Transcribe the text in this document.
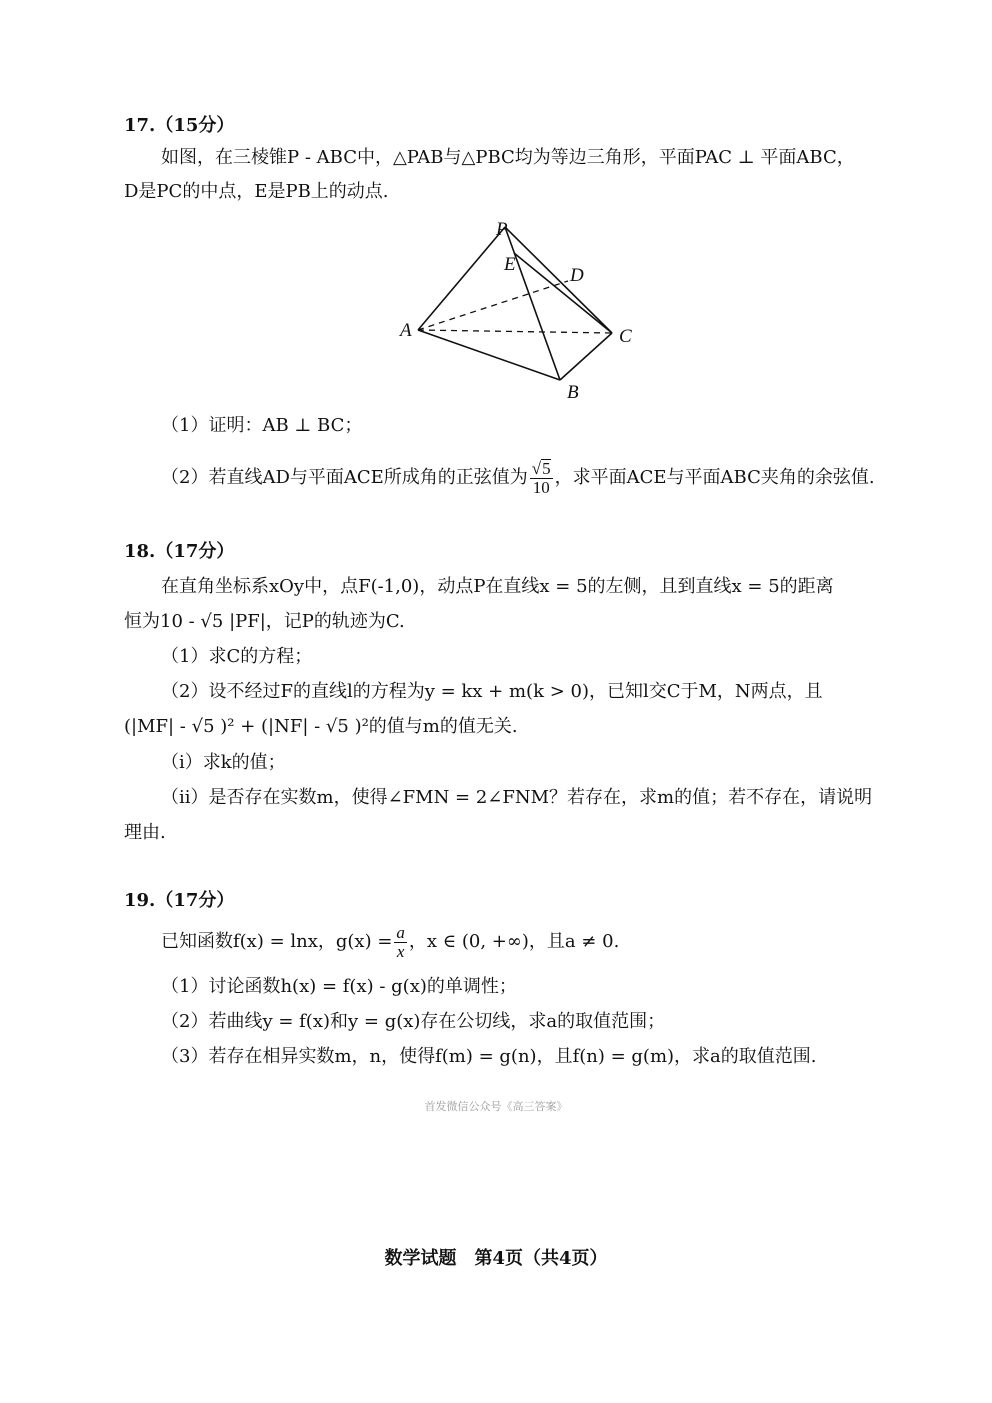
17.（15分）
如图，在三棱锥P - ABC中，△PAB与△PBC均为等边三角形，平面PAC ⊥ 平面ABC，
D是PC的中点，E是PB上的动点.
P
E
D
A	C
B
（1）证明：AB ⊥ BC；
（2）若直线AD与平面ACE所成角的正弦值为 $\frac{√5}{10}$ ，求平面ACE与平面ABC夹角的余弦值.
18.（17分）
在直角坐标系xOy中，点F(-1,0)，动点P在直线x = 5的左侧，且到直线x = 5的距离
恒为10 - √5 |PF|，记P的轨迹为C.
（1）求C的方程；
（2）设不经过F的直线l的方程为y = kx + m(k > 0)，已知l交C于M，N两点，且
(|MF| - √5 )² + (|NF| - √5 )²的值与m的值无关.
（i）求k的值；
（ii）是否存在实数m，使得∠FMN = 2∠FNM？若存在，求m的值；若不存在，请说明
理由.
19.（17分）
已知函数f(x) = lnx，$g(x) = \frac{a}{x}$ ，x ∈ (0, +∞)，且a ≠ 0.
（1）讨论函数h(x) = f(x) - g(x)的单调性；
（2）若曲线y = f(x)和y = g(x)存在公切线，求a的取值范围；
（3）若存在相异实数m，n，使得f(m) = g(n)，且f(n) = g(m)，求a的取值范围.
首发微信公众号《高三答案》
数学试题　第4页（共4页）
